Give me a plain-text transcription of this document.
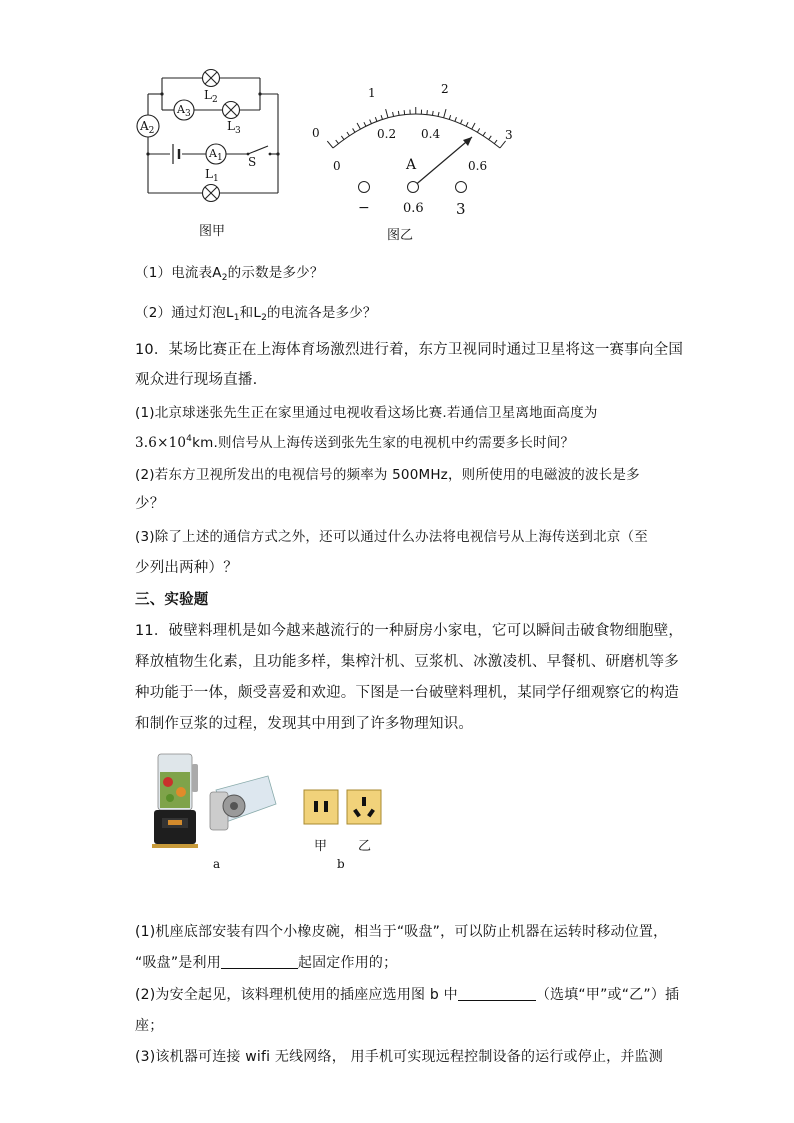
$A_2$
$A_3$
$A_1$
$L_2$
$L_3$
$L_1$
S
图甲
0
1	2
3
0
0.2 0.4
0.6
A
−	0.6 3
图乙
（1）电流表$A_2$的示数是多少？
（2）通过灯泡$L_1$和$L_2$的电流各是多少？
10．某场比赛正在上海体育场激烈进行着，东方卫视同时通过卫星将这一赛事向全国
观众进行现场直播.
(1)北京球迷张先生正在家里通过电视收看这场比赛.若通信卫星离地面高度为
$3.6\times 10^4km$.则信号从上海传送到张先生家的电视机中约需要多长时间？
(2)若东方卫视所发出的电视信号的频率为 500MHz，则所使用的电磁波的波长是多
少？
(3)除了上述的通信方式之外，还可以通过什么办法将电视信号从上海传送到北京（至
少列出两种）？
三、实验题
11．破壁料理机是如今越来越流行的一种厨房小家电，它可以瞬间击破食物细胞壁，
释放植物生化素，且功能多样，集榨汁机、豆浆机、冰激凌机、早餐机、研磨机等多
种功能于一体，颇受喜爱和欢迎。下图是一台破壁料理机，某同学仔细观察它的构造
和制作豆浆的过程，发现其中用到了许多物理知识。
甲 乙
a	b
(1)机座底部安装有四个小橡皮碗，相当于“吸盘”，可以防止机器在运转时移动位置，
“吸盘”是利用	起固定作用的；
(2)为安全起见，该料理机使用的插座应选用图 b 中	（选填“甲”或“乙”）插
座；
(3)该机器可连接 wifi 无线网络， 用手机可实现远程控制设备的运行或停止，并监测
